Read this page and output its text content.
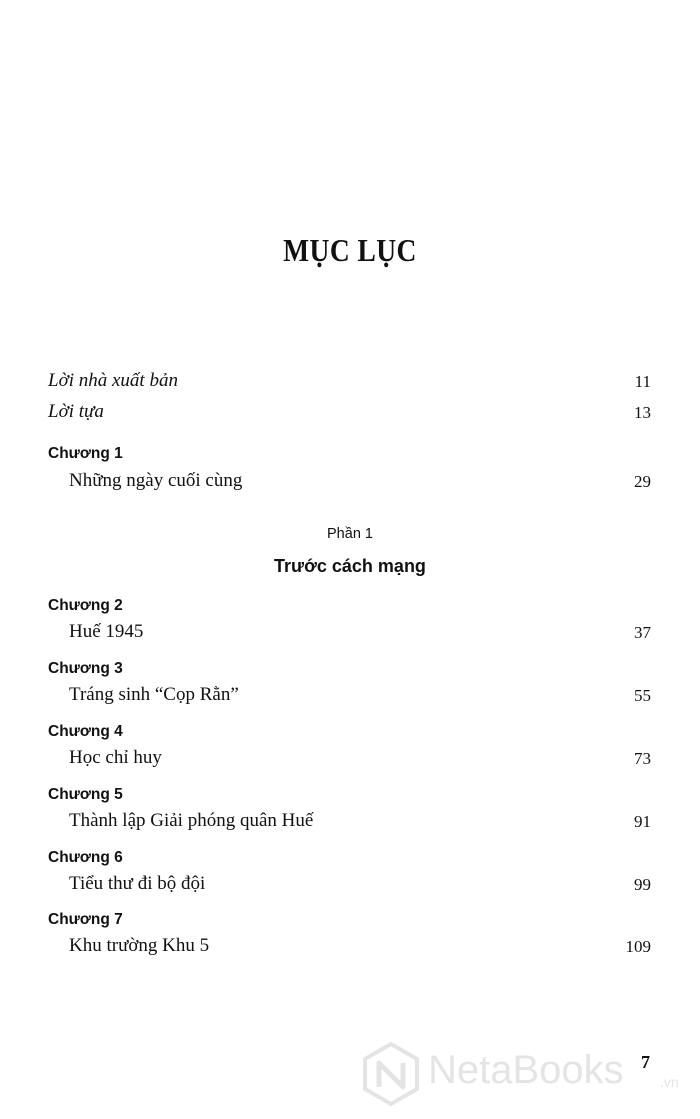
MỤC LỤC
Lời nhà xuất bản	11
Lời tựa	13
Chương 1
Những ngày cuối cùng	29
Phần 1
Trước cách mạng
Chương 2
Huế 1945	37
Chương 3
Tráng sinh “Cọp Rằn”	55
Chương 4
Học chỉ huy	73
Chương 5
Thành lập Giải phóng quân Huế	91
Chương 6
Tiểu thư đi bộ đội	99
Chương 7
Khu trường Khu 5	109
NetaBooks	.vn
7
